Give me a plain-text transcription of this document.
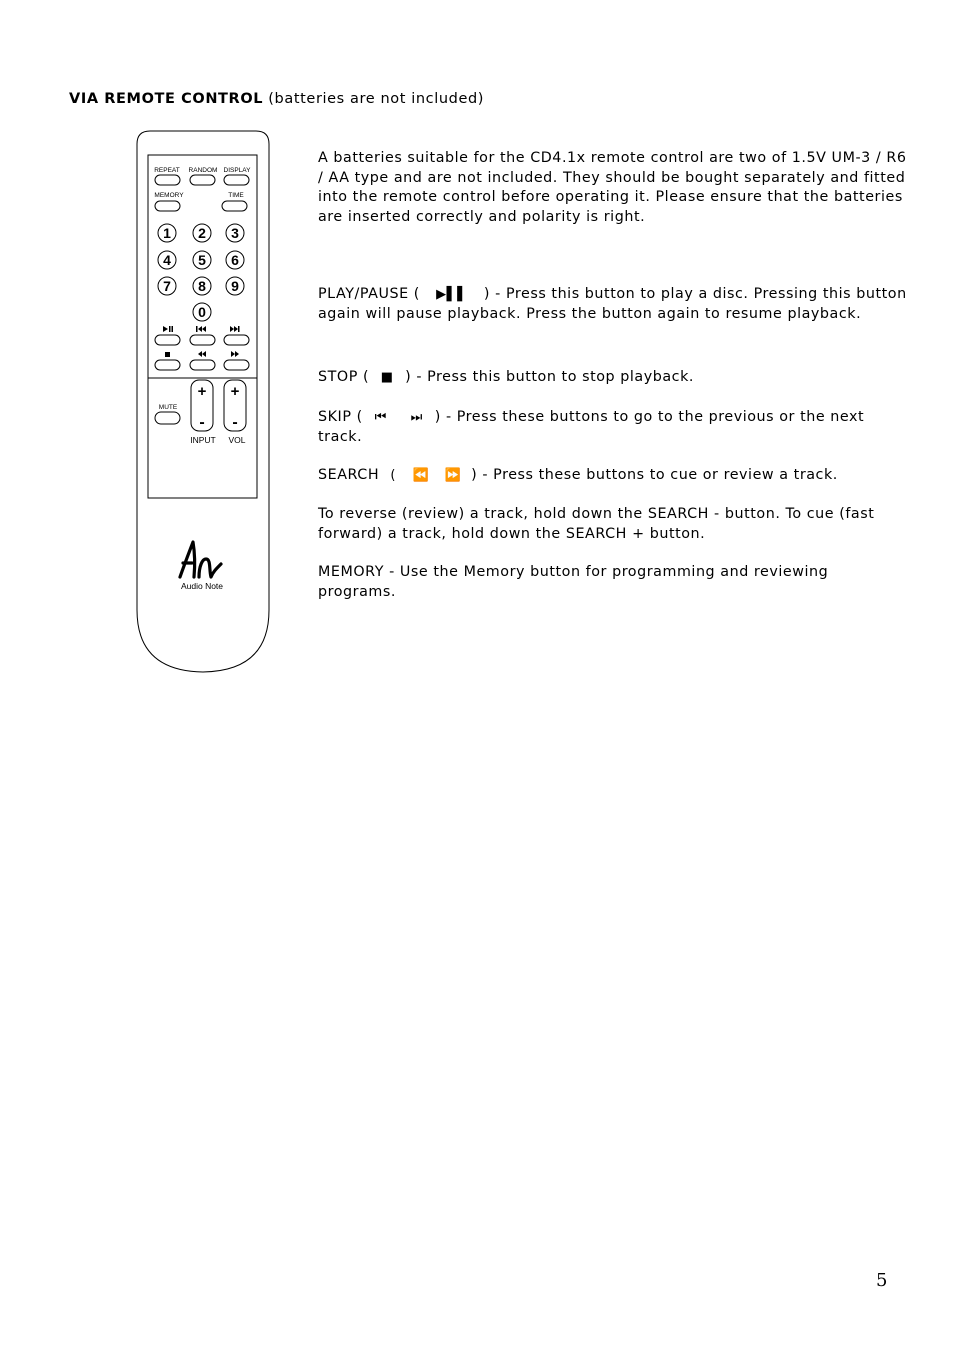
VIA REMOTE CONTROL (batteries are not included)
REPEAT RANDOM DISPLAY
MEMORY	TIME
1 2 3
4 5 6
7 8 9
0
MUTE
+
-
+
-
INPUT VOL
Audio Note
A batteries suitable for the CD4.1x remote control are two of 1.5V UM-3 / R6 / AA type and are not included. They should be bought separately and fitted into the remote control before operating it. Please ensure that the batteries are inserted correctly and polarity is right.
PLAY/PAUSE ( ▶▌▌ ) - Press this button to play a disc. Pressing this button again will pause playback. Press the button again to resume playback.
STOP ( ■ ) - Press this button to stop playback.
SKIP ( ⏮ ⏭ ) - Press these buttons to go to the previous or the next track.
SEARCH ( ⏪ ⏩ ) - Press these buttons to cue or review a track.
To reverse (review) a track, hold down the SEARCH - button. To cue (fast forward) a track, hold down the SEARCH + button.
MEMORY - Use the Memory button for programming and reviewing programs.
5
